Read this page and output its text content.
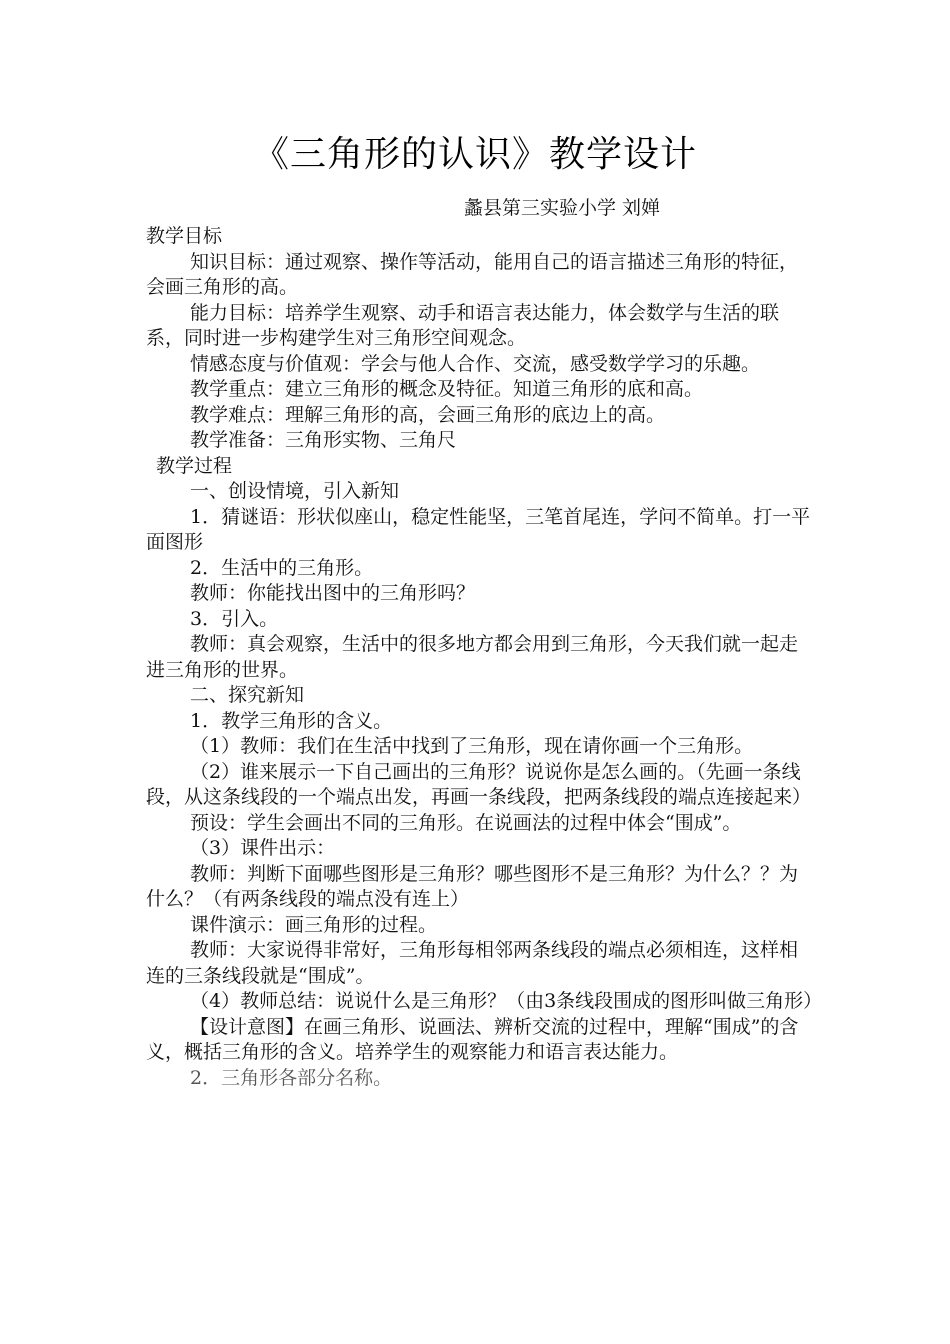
《三角形的认识》教学设计
蠡县第三实验小学 刘婵

教学目标

知识目标：通过观察、操作等活动，能用自己的语言描述三角形的特征，会画三角形的高。

能力目标：培养学生观察、动手和语言表达能力，体会数学与生活的联系，同时进一步构建学生对三角形空间观念。

情感态度与价值观：学会与他人合作、交流，感受数学学习的乐趣。

教学重点：建立三角形的概念及特征。知道三角形的底和高。

教学难点：理解三角形的高，会画三角形的底边上的高。

教学准备：三角形实物、三角尺

教学过程

一、创设情境，引入新知

1．猜谜语：形状似座山，稳定性能坚，三笔首尾连，学问不简单。打一平面图形

2．生活中的三角形。

教师：你能找出图中的三角形吗？

3．引入。

教师：真会观察，生活中的很多地方都会用到三角形，今天我们就一起走进三角形的世界。

二、探究新知

1．教学三角形的含义。

（1）教师：我们在生活中找到了三角形，现在请你画一个三角形。

（2）谁来展示一下自己画出的三角形？说说你是怎么画的。（先画一条线段，从这条线段的一个端点出发，再画一条线段，把两条线段的端点连接起来）

预设：学生会画出不同的三角形。在说画法的过程中体会“围成”。

（3）课件出示：

教师：判断下面哪些图形是三角形？哪些图形不是三角形？为什么？？为什么？（有两条线段的端点没有连上）

课件演示：画三角形的过程。

教师：大家说得非常好，三角形每相邻两条线段的端点必须相连，这样相连的三条线段就是“围成”。

（4）教师总结：说说什么是三角形？（由3条线段围成的图形叫做三角形）

【设计意图】在画三角形、说画法、辨析交流的过程中，理解“围成”的含义，概括三角形的含义。培养学生的观察能力和语言表达能力。

2．三角形各部分名称。
